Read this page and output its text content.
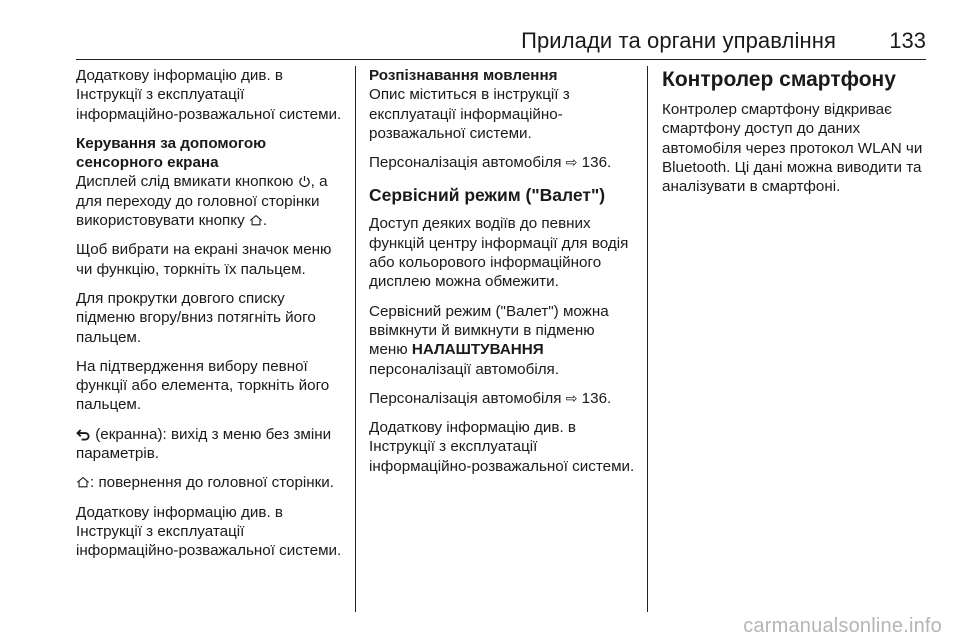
Прилади та органи управління 133

Додаткову інформацію див. в Інструкції з експлуатації інформаційно-розважальної системи.

Керування за допомогою сенсорного екрана

Дисплей слід вмикати кнопкою , а для переходу до головної сторінки використовувати кнопку .

Щоб вибрати на екрані значок меню чи функцію, торкніть їх пальцем.

Для прокрутки довгого списку підменю вгору/вниз потягніть його пальцем.

На підтвердження вибору певної функції або елемента, торкніть його пальцем.

(екранна): вихід з меню без зміни параметрів.

: повернення до головної сторінки.

Додаткову інформацію див. в Інструкції з експлуатації інформаційно-розважальної системи.

Розпізнавання мовлення

Опис міститься в інструкції з експлуатації інформаційно-розважальної системи.

Персоналізація автомобіля ⇨ 136.

Сервісний режим ("Валет")

Доступ деяких водіїв до певних функцій центру інформації для водія або кольорового інформаційного дисплею можна обмежити.

Сервісний режим ("Валет") можна ввімкнути й вимкнути в підменю меню НАЛАШТУВАННЯ персоналізації автомобіля.

Персоналізація автомобіля ⇨ 136.

Додаткову інформацію див. в Інструкції з експлуатації інформаційно-розважальної системи.

Контролер смартфону

Контролер смартфону відкриває смартфону доступ до даних автомобіля через протокол WLAN чи Bluetooth. Ці дані можна виводити та аналізувати в смартфоні.

carmanualsonline.info
